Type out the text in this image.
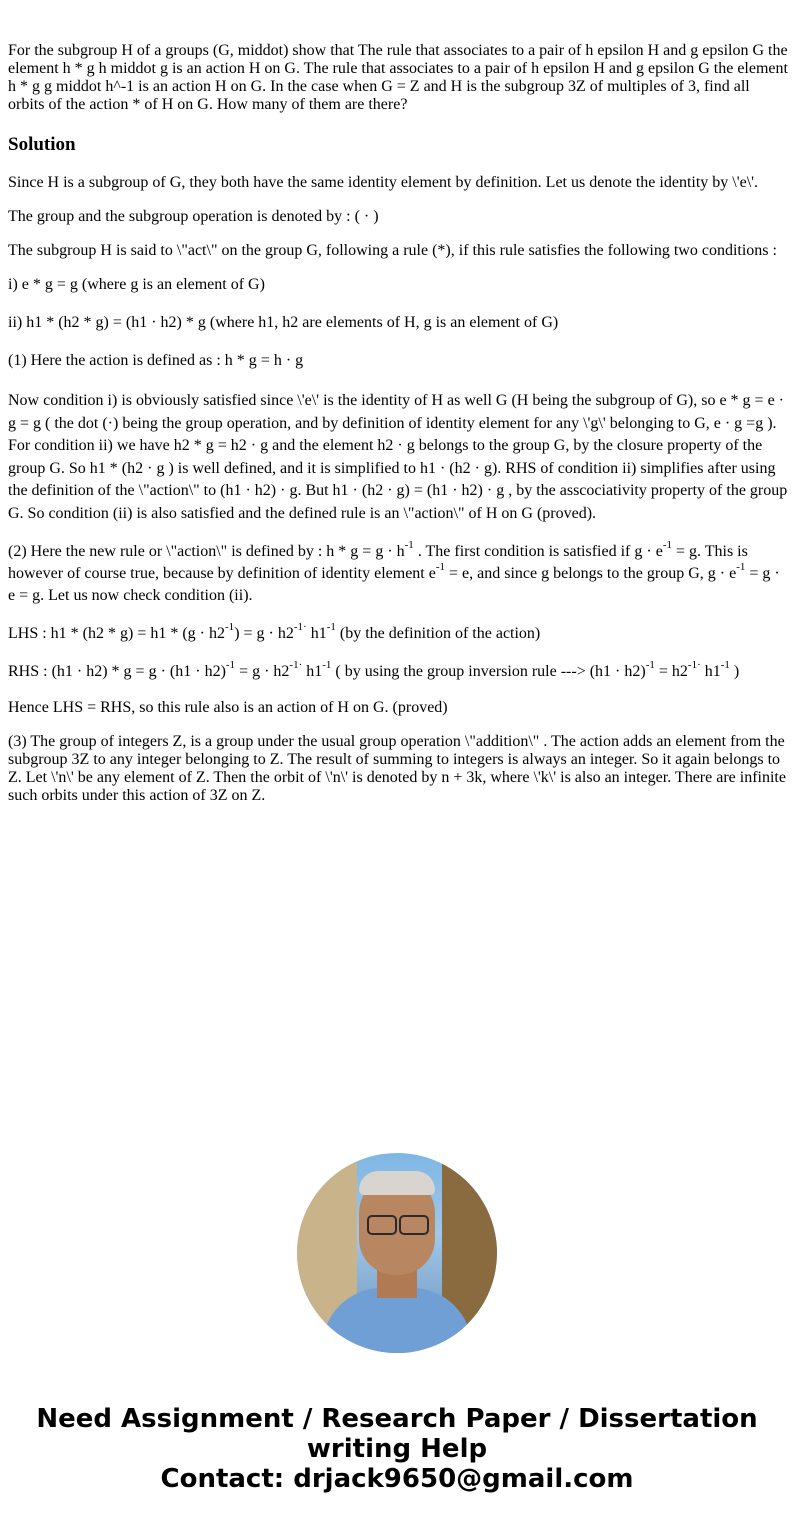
For the subgroup H of a groups (G, middot) show that The rule that associates to a pair of h epsilon H and g epsilon G the element h * g h middot g is an action H on G. The rule that associates to a pair of h epsilon H and g epsilon G the element h * g g middot h^-1 is an action H on G. In the case when G = Z and H is the subgroup 3Z of multiples of 3, find all orbits of the action * of H on G. How many of them are there?

Solution

Since H is a subgroup of G, they both have the same identity element by definition. Let us denote the identity by \'e\'.

The group and the subgroup operation is denoted by : ( · )

The subgroup H is said to \"act\" on the group G, following a rule (*), if this rule satisfies the following two conditions :

i) e * g = g (where g is an element of G)

ii) h1 * (h2 * g) = (h1 · h2) * g (where h1, h2 are elements of H, g is an element of G)

(1) Here the action is defined as : h * g = h · g

Now condition i) is obviously satisfied since \'e\' is the identity of H as well G (H being the subgroup of G), so e * g = e · g = g ( the dot (·) being the group operation, and by definition of identity element for any \'g\' belonging to G, e · g =g ). For condition ii) we have h2 * g = h2 · g and the element h2 · g belongs to the group G, by the closure property of the group G. So h1 * (h2 · g ) is well defined, and it is simplified to h1 · (h2 · g). RHS of condition ii) simplifies after using the definition of the \"action\" to (h1 · h2) · g. But h1 · (h2 · g) = (h1 · h2) · g , by the asscociativity property of the group G. So condition (ii) is also satisfied and the defined rule is an \"action\" of H on G (proved).

(2) Here the new rule or \"action\" is defined by : $h * g = g \cdot h^{-1}$ . The first condition is satisfied if $g \cdot e^{-1} = g$. This is however of course true, because by definition of identity element $e^{-1} = e$, and since g belongs to the group G, $g \cdot e^{-1} = g \cdot e = g$. Let us now check condition (ii).

LHS : $h1 * (h2 * g) = h1 * (g \cdot h2^{-1}) = g \cdot h2^{-1\cdot}$ $h1^{-1}$ (by the definition of the action)

RHS : $(h1 \cdot h2) * g = g \cdot (h1 \cdot h2)^{-1} = g \cdot h2^{-1\cdot}$ $h1^{-1}$ ( by using the group inversion rule ---> $(h1 \cdot h2)^{-1} = h2^{-1\cdot}$ $h1^{-1}$ )

Hence LHS = RHS, so this rule also is an action of H on G. (proved)

(3) The group of integers Z, is a group under the usual group operation \"addition\" . The action adds an element from the subgroup 3Z to any integer belonging to Z. The result of summing to integers is always an integer. So it again belongs to Z. Let \'n\' be any element of Z. Then the orbit of \'n\' is denoted by n + 3k, where \'k\' is also an integer. There are infinite such orbits under this action of 3Z on Z.

Need Assignment / Research Paper / Dissertation
writing Help
Contact: drjack9650@gmail.com
